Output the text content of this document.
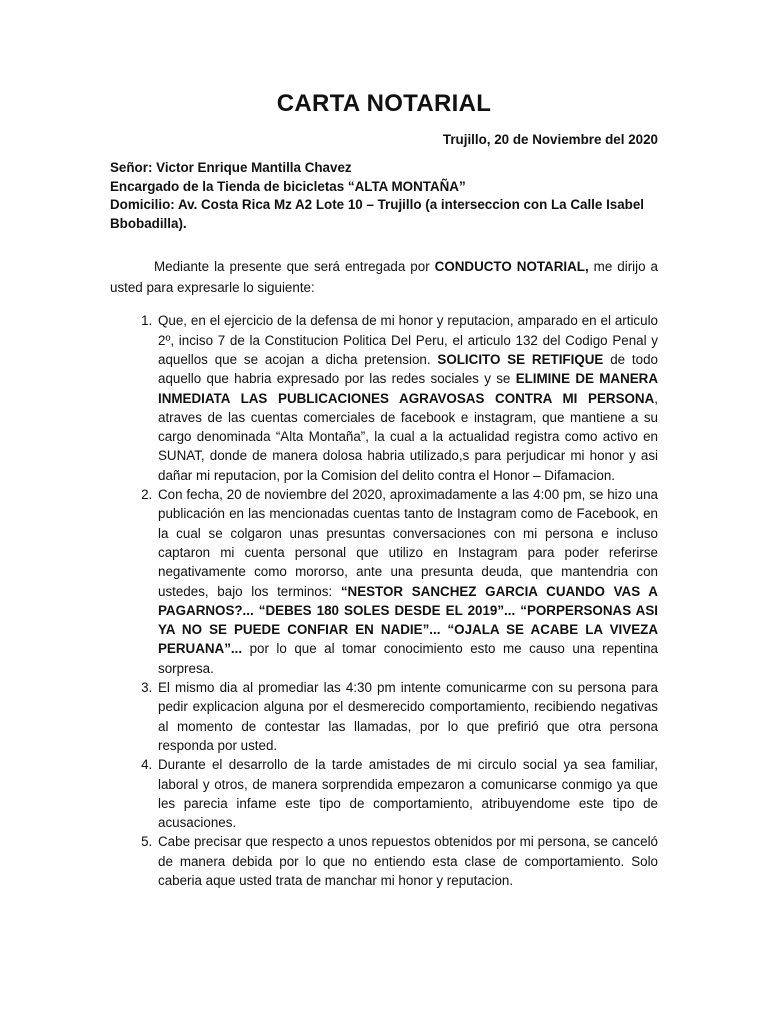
CARTA NOTARIAL
Trujillo, 20 de Noviembre del 2020
Señor: Victor Enrique Mantilla Chavez
Encargado de la Tienda de bicicletas “ALTA MONTAÑA”
Domicilio: Av. Costa Rica Mz A2 Lote 10 – Trujillo (a interseccion con La Calle Isabel Bbobadilla).

Mediante la presente que será entregada por CONDUCTO NOTARIAL, me dirijo a usted para expresarle lo siguiente:

1. Que, en el ejercicio de la defensa de mi honor y reputacion, amparado en el articulo 2º, inciso 7 de la Constitucion Politica Del Peru, el articulo 132 del Codigo Penal y aquellos que se acojan a dicha pretension. SOLICITO SE RETIFIQUE de todo aquello que habria expresado por las redes sociales y se ELIMINE DE MANERA INMEDIATA LAS PUBLICACIONES AGRAVOSAS CONTRA MI PERSONA, atraves de las cuentas comerciales de facebook e instagram, que mantiene a su cargo denominada “Alta Montaña”, la cual a la actualidad registra como activo en SUNAT, donde de manera dolosa habria utilizado,s para perjudicar mi honor y asi dañar mi reputacion, por la Comision del delito contra el Honor – Difamacion.
2. Con fecha, 20 de noviembre del 2020, aproximadamente a las 4:00 pm, se hizo una publicación en las mencionadas cuentas tanto de Instagram como de Facebook, en la cual se colgaron unas presuntas conversaciones con mi persona e incluso captaron mi cuenta personal que utilizo en Instagram para poder referirse negativamente como mororso, ante una presunta deuda, que mantendria con ustedes, bajo los terminos: “NESTOR SANCHEZ GARCIA CUANDO VAS A PAGARNOS?... “DEBES 180 SOLES DESDE EL 2019”... “PORPERSONAS ASI YA NO SE PUEDE CONFIAR EN NADIE”... “OJALA SE ACABE LA VIVEZA PERUANA”... por lo que al tomar conocimiento esto me causo una repentina sorpresa.
3. El mismo dia al promediar las 4:30 pm intente comunicarme con su persona para pedir explicacion alguna por el desmerecido comportamiento, recibiendo negativas al momento de contestar las llamadas, por lo que prefirió que otra persona responda por usted.
4. Durante el desarrollo de la tarde amistades de mi circulo social ya sea familiar, laboral y otros, de manera sorprendida empezaron a comunicarse conmigo ya que les parecia infame este tipo de comportamiento, atribuyendome este tipo de acusaciones.
5. Cabe precisar que respecto a unos repuestos obtenidos por mi persona, se canceló de manera debida por lo que no entiendo esta clase de comportamiento. Solo caberia aque usted trata de manchar mi honor y reputacion.
